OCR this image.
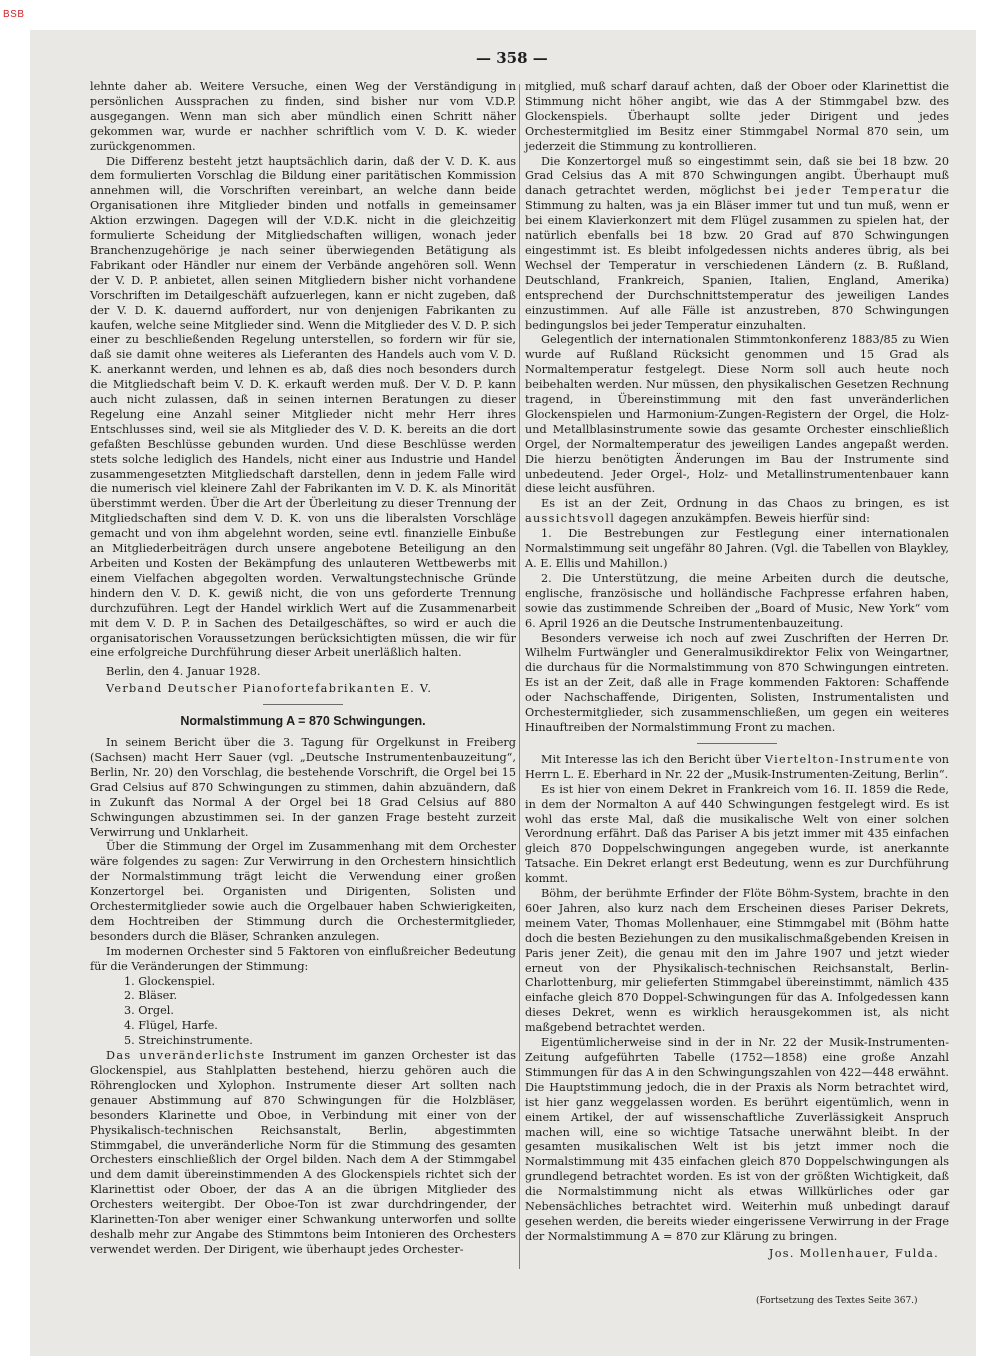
BSB
— 358 —

lehnte daher ab. Weitere Versuche, einen Weg der Verständigung in persönlichen Aussprachen zu finden, sind bisher nur vom V.D.P. ausgegangen. Wenn man sich aber mündlich einen Schritt näher gekommen war, wurde er nachher schriftlich vom V. D. K. wieder zurückgenommen.

Die Differenz besteht jetzt hauptsächlich darin, daß der V. D. K. aus dem formulierten Vorschlag die Bildung einer paritätischen Kommission annehmen will, die Vorschriften vereinbart, an welche dann beide Organisationen ihre Mitglieder binden und notfalls in gemeinsamer Aktion erzwingen. Dagegen will der V.D.K. nicht in die gleichzeitig formulierte Scheidung der Mitgliedschaften willigen, wonach jeder Branchenzugehörige je nach seiner überwiegenden Betätigung als Fabrikant oder Händler nur einem der Verbände angehören soll. Wenn der V. D. P. anbietet, allen seinen Mitgliedern bisher nicht vorhandene Vorschriften im Detailgeschäft aufzuerlegen, kann er nicht zugeben, daß der V. D. K. dauernd auffordert, nur von denjenigen Fabrikanten zu kaufen, welche seine Mitglieder sind. Wenn die Mitglieder des V. D. P. sich einer zu beschließenden Regelung unterstellen, so fordern wir für sie, daß sie damit ohne weiteres als Lieferanten des Handels auch vom V. D. K. anerkannt werden, und lehnen es ab, daß dies noch besonders durch die Mitgliedschaft beim V. D. K. erkauft werden muß. Der V. D. P. kann auch nicht zulassen, daß in seinen internen Beratungen zu dieser Regelung eine Anzahl seiner Mitglieder nicht mehr Herr ihres Entschlusses sind, weil sie als Mitglieder des V. D. K. bereits an die dort gefaßten Beschlüsse gebunden wurden. Und diese Beschlüsse werden stets solche lediglich des Handels, nicht einer aus Industrie und Handel zusammengesetzten Mitgliedschaft darstellen, denn in jedem Falle wird die numerisch viel kleinere Zahl der Fabrikanten im V. D. K. als Minorität überstimmt werden. Über die Art der Überleitung zu dieser Trennung der Mitgliedschaften sind dem V. D. K. von uns die liberalsten Vorschläge gemacht und von ihm abgelehnt worden, seine evtl. finanzielle Einbuße an Mitgliederbeiträgen durch unsere angebotene Beteiligung an den Arbeiten und Kosten der Bekämpfung des unlauteren Wettbewerbs mit einem Vielfachen abgegolten worden. Verwaltungstechnische Gründe hindern den V. D. K. gewiß nicht, die von uns geforderte Trennung durchzuführen. Legt der Handel wirklich Wert auf die Zusammenarbeit mit dem V. D. P. in Sachen des Detailgeschäftes, so wird er auch die organisatorischen Voraussetzungen berücksichtigten müssen, die wir für eine erfolgreiche Durchführung dieser Arbeit unerläßlich halten.

Berlin, den 4. Januar 1928.

Verband Deutscher Pianofortefabrikanten E. V.

Normalstimmung A = 870 Schwingungen.

In seinem Bericht über die 3. Tagung für Orgelkunst in Freiberg (Sachsen) macht Herr Sauer (vgl. „Deutsche Instrumentenbauzeitung“, Berlin, Nr. 20) den Vorschlag, die bestehende Vorschrift, die Orgel bei 15 Grad Celsius auf 870 Schwingungen zu stimmen, dahin abzuändern, daß in Zukunft das Normal A der Orgel bei 18 Grad Celsius auf 880 Schwingungen abzustimmen sei. In der ganzen Frage besteht zurzeit Verwirrung und Unklarheit.

Über die Stimmung der Orgel im Zusammenhang mit dem Orchester wäre folgendes zu sagen: Zur Verwirrung in den Orchestern hinsichtlich der Normalstimmung trägt leicht die Verwendung einer großen Konzertorgel bei. Organisten und Dirigenten, Solisten und Orchestermitglieder sowie auch die Orgelbauer haben Schwierigkeiten, dem Hochtreiben der Stimmung durch die Orchestermitglieder, besonders durch die Bläser, Schranken anzulegen.

Im modernen Orchester sind 5 Faktoren von einflußreicher Bedeutung für die Veränderungen der Stimmung:

1. Glockenspiel.
2. Bläser.
3. Orgel.
4. Flügel, Harfe.
5. Streichinstrumente.

Das unveränderlichste Instrument im ganzen Orchester ist das Glockenspiel, aus Stahlplatten bestehend, hierzu gehören auch die Röhrenglocken und Xylophon. Instrumente dieser Art sollten nach genauer Abstimmung auf 870 Schwingungen für die Holzbläser, besonders Klarinette und Oboe, in Verbindung mit einer von der Physikalisch-technischen Reichsanstalt, Berlin, abgestimmten Stimmgabel, die unveränderliche Norm für die Stimmung des gesamten Orchesters einschließlich der Orgel bilden. Nach dem A der Stimmgabel und dem damit übereinstimmenden A des Glockenspiels richtet sich der Klarinettist oder Oboer, der das A an die übrigen Mitglieder des Orchesters weitergibt. Der Oboe-Ton ist zwar durchdringender, der Klarinetten-Ton aber weniger einer Schwankung unterworfen und sollte deshalb mehr zur Angabe des Stimmtons beim Intonieren des Orchesters verwendet werden. Der Dirigent, wie überhaupt jedes Orchester-

mitglied, muß scharf darauf achten, daß der Oboer oder Klarinettist die Stimmung nicht höher angibt, wie das A der Stimmgabel bzw. des Glockenspiels. Überhaupt sollte jeder Dirigent und jedes Orchestermitglied im Besitz einer Stimmgabel Normal 870 sein, um jederzeit die Stimmung zu kontrollieren.

Die Konzertorgel muß so eingestimmt sein, daß sie bei 18 bzw. 20 Grad Celsius das A mit 870 Schwingungen angibt. Überhaupt muß danach getrachtet werden, möglichst bei jeder Temperatur die Stimmung zu halten, was ja ein Bläser immer tut und tun muß, wenn er bei einem Klavierkonzert mit dem Flügel zusammen zu spielen hat, der natürlich ebenfalls bei 18 bzw. 20 Grad auf 870 Schwingungen eingestimmt ist. Es bleibt infolgedessen nichts anderes übrig, als bei Wechsel der Temperatur in verschiedenen Ländern (z. B. Rußland, Deutschland, Frankreich, Spanien, Italien, England, Amerika) entsprechend der Durchschnittstemperatur des jeweiligen Landes einzustimmen. Auf alle Fälle ist anzustreben, 870 Schwingungen bedingungslos bei jeder Temperatur einzuhalten.

Gelegentlich der internationalen Stimmtonkonferenz 1883/85 zu Wien wurde auf Rußland Rücksicht genommen und 15 Grad als Normaltemperatur festgelegt. Diese Norm soll auch heute noch beibehalten werden. Nur müssen, den physikalischen Gesetzen Rechnung tragend, in Übereinstimmung mit den fast unveränderlichen Glockenspielen und Harmonium-Zungen-Registern der Orgel, die Holz- und Metallblasinstrumente sowie das gesamte Orchester einschließlich Orgel, der Normaltemperatur des jeweiligen Landes angepaßt werden. Die hierzu benötigten Änderungen im Bau der Instrumente sind unbedeutend. Jeder Orgel-, Holz- und Metallinstrumentenbauer kann diese leicht ausführen.

Es ist an der Zeit, Ordnung in das Chaos zu bringen, es ist aussichtsvoll dagegen anzukämpfen. Beweis hierfür sind:

1. Die Bestrebungen zur Festlegung einer internationalen Normalstimmung seit ungefähr 80 Jahren. (Vgl. die Tabellen von Blaykley, A. E. Ellis und Mahillon.)

2. Die Unterstützung, die meine Arbeiten durch die deutsche, englische, französische und holländische Fachpresse erfahren haben, sowie das zustimmende Schreiben der „Board of Music, New York“ vom 6. April 1926 an die Deutsche Instrumentenbauzeitung.

Besonders verweise ich noch auf zwei Zuschriften der Herren Dr. Wilhelm Furtwängler und Generalmusikdirektor Felix von Weingartner, die durchaus für die Normalstimmung von 870 Schwingungen eintreten. Es ist an der Zeit, daß alle in Frage kommenden Faktoren: Schaffende oder Nachschaffende, Dirigenten, Solisten, Instrumentalisten und Orchestermitglieder, sich zusammenschließen, um gegen ein weiteres Hinauftreiben der Normalstimmung Front zu machen.

Mit Interesse las ich den Bericht über Viertelton-Instrumente von Herrn L. E. Eberhard in Nr. 22 der „Musik-Instrumenten-Zeitung, Berlin“.

Es ist hier von einem Dekret in Frankreich vom 16. II. 1859 die Rede, in dem der Normalton A auf 440 Schwingungen festgelegt wird. Es ist wohl das erste Mal, daß die musikalische Welt von einer solchen Verordnung erfährt. Daß das Pariser A bis jetzt immer mit 435 einfachen gleich 870 Doppelschwingungen angegeben wurde, ist anerkannte Tatsache. Ein Dekret erlangt erst Bedeutung, wenn es zur Durchführung kommt.

Böhm, der berühmte Erfinder der Flöte Böhm-System, brachte in den 60er Jahren, also kurz nach dem Erscheinen dieses Pariser Dekrets, meinem Vater, Thomas Mollenhauer, eine Stimmgabel mit (Böhm hatte doch die besten Beziehungen zu den musikalischmaßgebenden Kreisen in Paris jener Zeit), die genau mit den im Jahre 1907 und jetzt wieder erneut von der Physikalisch-technischen Reichsanstalt, Berlin-Charlottenburg, mir gelieferten Stimmgabel übereinstimmt, nämlich 435 einfache gleich 870 Doppel-Schwingungen für das A. Infolgedessen kann dieses Dekret, wenn es wirklich herausgekommen ist, als nicht maßgebend betrachtet werden.

Eigentümlicherweise sind in der in Nr. 22 der Musik-Instrumenten-Zeitung aufgeführten Tabelle (1752—1858) eine große Anzahl Stimmungen für das A in den Schwingungszahlen von 422—448 erwähnt. Die Hauptstimmung jedoch, die in der Praxis als Norm betrachtet wird, ist hier ganz weggelassen worden. Es berührt eigentümlich, wenn in einem Artikel, der auf wissenschaftliche Zuverlässigkeit Anspruch machen will, eine so wichtige Tatsache unerwähnt bleibt. In der gesamten musikalischen Welt ist bis jetzt immer noch die Normalstimmung mit 435 einfachen gleich 870 Doppelschwingungen als grundlegend betrachtet worden. Es ist von der größten Wichtigkeit, daß die Normalstimmung nicht als etwas Willkürliches oder gar Nebensächliches betrachtet wird. Weiterhin muß unbedingt darauf gesehen werden, die bereits wieder eingerissene Verwirrung in der Frage der Normalstimmung A = 870 zur Klärung zu bringen.

Jos. Mollenhauer, Fulda.

(Fortsetzung des Textes Seite 367.)
